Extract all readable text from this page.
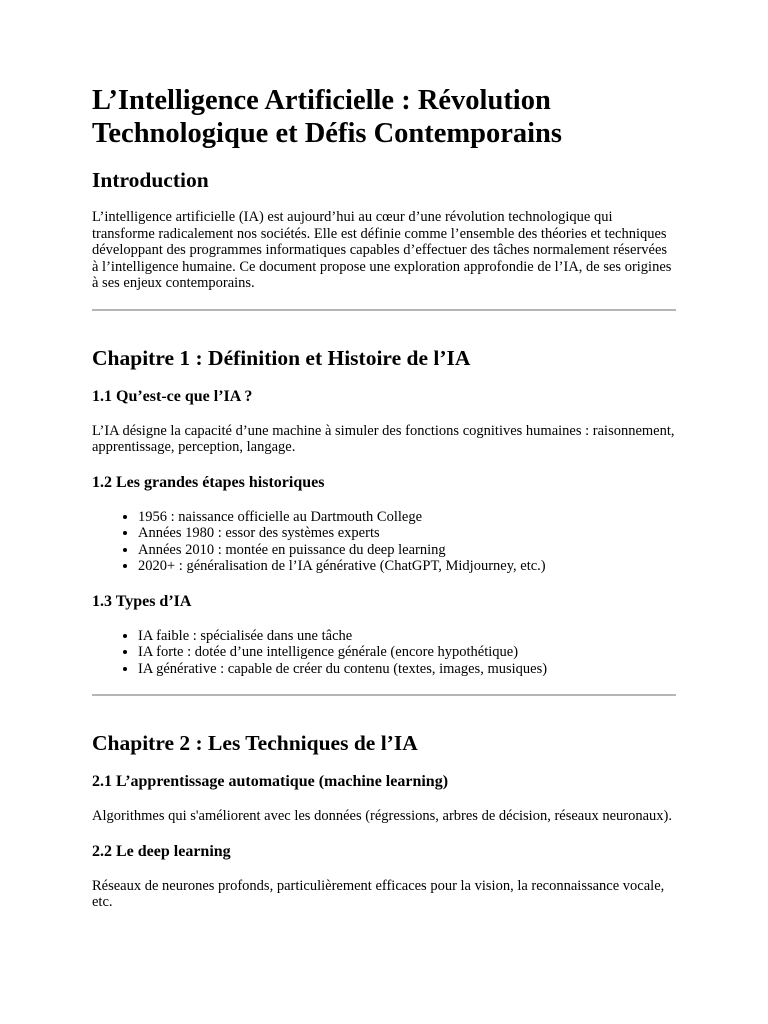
L’Intelligence Artificielle : Révolution Technologique et Défis Contemporains
Introduction

L’intelligence artificielle (IA) est aujourd’hui au cœur d’une révolution technologique qui transforme radicalement nos sociétés. Elle est définie comme l’ensemble des théories et techniques développant des programmes informatiques capables d’effectuer des tâches normalement réservées à l’intelligence humaine. Ce document propose une exploration approfondie de l’IA, de ses origines à ses enjeux contemporains.

Chapitre 1 : Définition et Histoire de l’IA
1.1 Qu’est-ce que l’IA ?

L’IA désigne la capacité d’une machine à simuler des fonctions cognitives humaines : raisonnement, apprentissage, perception, langage.

1.2 Les grandes étapes historiques
• 1956 : naissance officielle au Dartmouth College
• Années 1980 : essor des systèmes experts
• Années 2010 : montée en puissance du deep learning
• 2020+ : généralisation de l’IA générative (ChatGPT, Midjourney, etc.)
1.3 Types d’IA
• IA faible : spécialisée dans une tâche
• IA forte : dotée d’une intelligence générale (encore hypothétique)
• IA générative : capable de créer du contenu (textes, images, musiques)
Chapitre 2 : Les Techniques de l’IA
2.1 L’apprentissage automatique (machine learning)

Algorithmes qui s'améliorent avec les données (régressions, arbres de décision, réseaux neuronaux).

2.2 Le deep learning

Réseaux de neurones profonds, particulièrement efficaces pour la vision, la reconnaissance vocale, etc.
